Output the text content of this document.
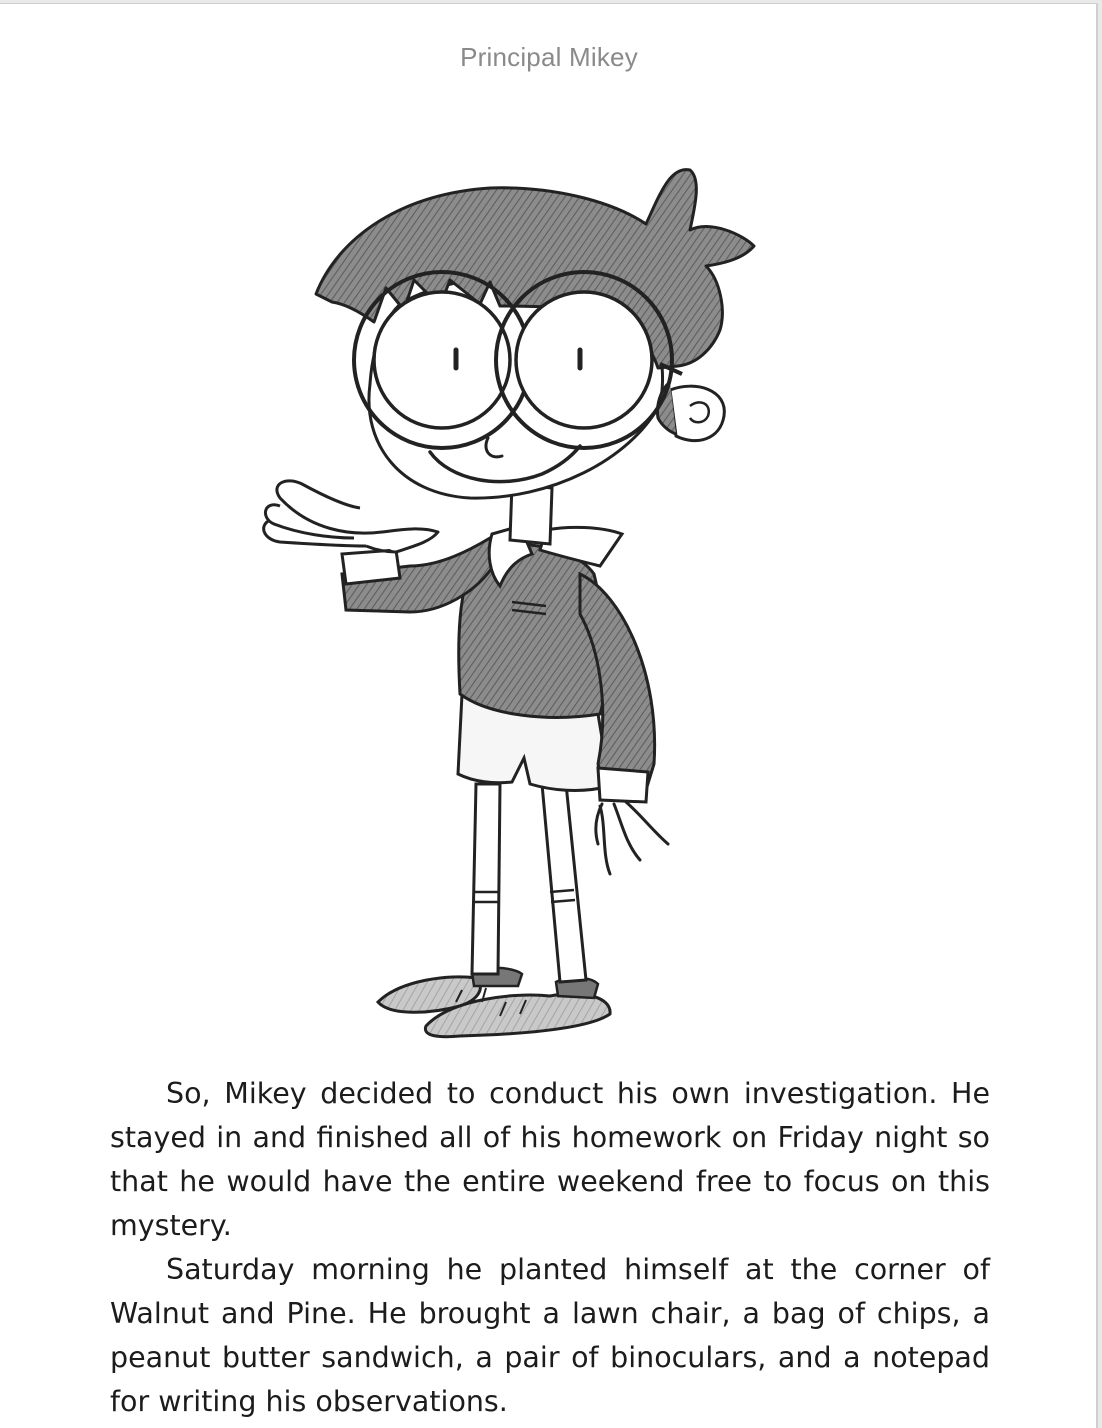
Principal Mikey

So, Mikey decided to conduct his own investigation. He stayed in and finished all of his homework on Friday night so that he would have the entire weekend free to focus on this mystery.

Saturday morning he planted himself at the corner of Walnut and Pine. He brought a lawn chair, a bag of chips, a peanut butter sandwich, a pair of binoculars, and a notepad for writing his observations.
